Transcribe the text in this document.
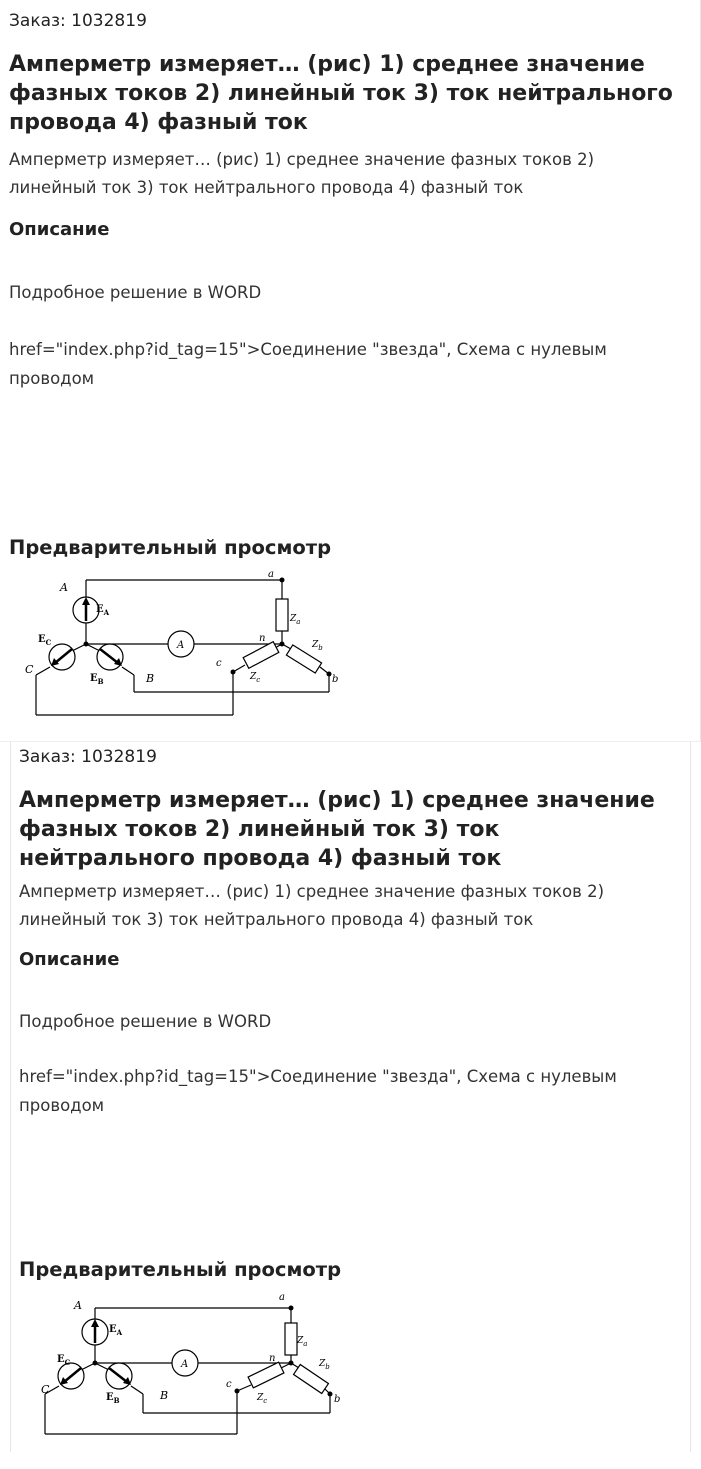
Заказ: 1032819
Амперметр измеряет… (рис) 1) среднее значение фазных токов 2) линейный ток 3) ток нейтрального провода 4) фазный ток

Амперметр измеряет… (рис) 1) среднее значение фазных токов 2) линейный ток 3) ток нейтрального провода 4) фазный ток

Описание

Подробное решение в WORD

href="index.php?id_tag=15">Соединение "звезда", Схема с нулевым проводом

Предварительный просмотр
A
B
C
a
b
c
n
$E_A$
$E_C$
$E_B$
A
$Z_a$
$Z_c$
$Z_b$
Заказ: 1032819
Амперметр измеряет… (рис) 1) среднее значение фазных токов 2) линейный ток 3) ток нейтрального провода 4) фазный ток

Амперметр измеряет… (рис) 1) среднее значение фазных токов 2) линейный ток 3) ток нейтрального провода 4) фазный ток

Описание

Подробное решение в WORD

href="index.php?id_tag=15">Соединение "звезда", Схема с нулевым проводом

Предварительный просмотр
A
B
C
a
b
c
n
$E_A$
$E_C$
$E_B$
A
$Z_a$
$Z_c$
$Z_b$
